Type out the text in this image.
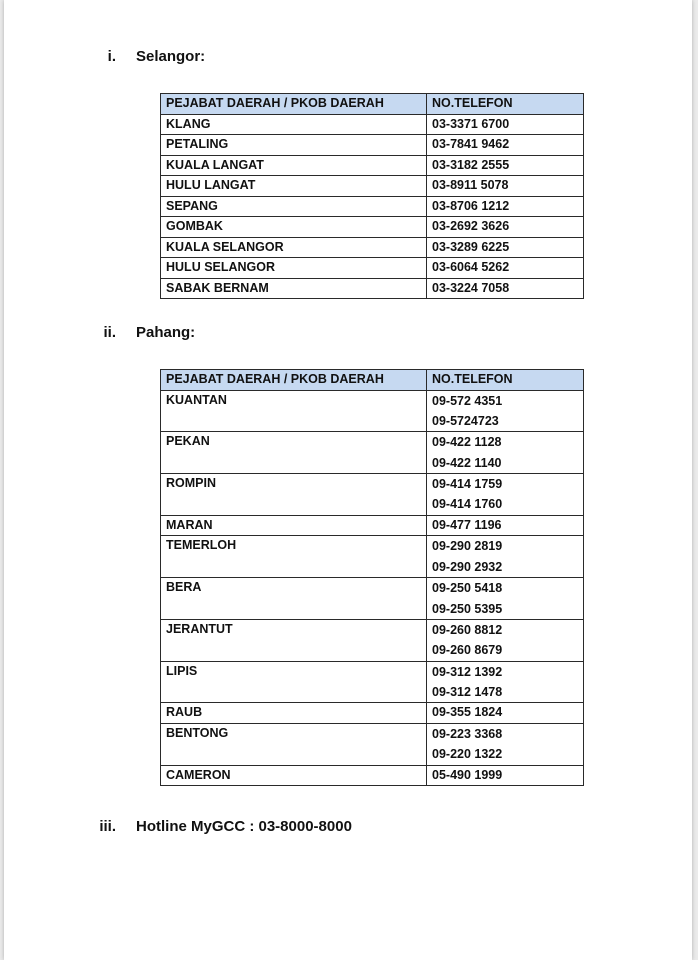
i. Selangor:
PEJABAT DAERAH / PKOB DAERAH	NO.TELEFON
KLANG	03-3371 6700
PETALING	03-7841 9462
KUALA LANGAT	03-3182 2555
HULU LANGAT	03-8911 5078
SEPANG	03-8706 1212
GOMBAK	03-2692 3626
KUALA SELANGOR	03-3289 6225
HULU SELANGOR	03-6064 5262
SABAK BERNAM	03-3224 7058
ii. Pahang:
PEJABAT DAERAH / PKOB DAERAH	NO.TELEFON
KUANTAN	09-572 4351
09-5724723

PEKAN	09-422 1128
09-422 1140

ROMPIN	09-414 1759
09-414 1760

MARAN	09-477 1196
TEMERLOH	09-290 2819
09-290 2932

BERA	09-250 5418
09-250 5395

JERANTUT	09-260 8812
09-260 8679

LIPIS	09-312 1392
09-312 1478

RAUB	09-355 1824
BENTONG	09-223 3368
09-220 1322

CAMERON	05-490 1999
iii. Hotline MyGCC : 03-8000-8000
